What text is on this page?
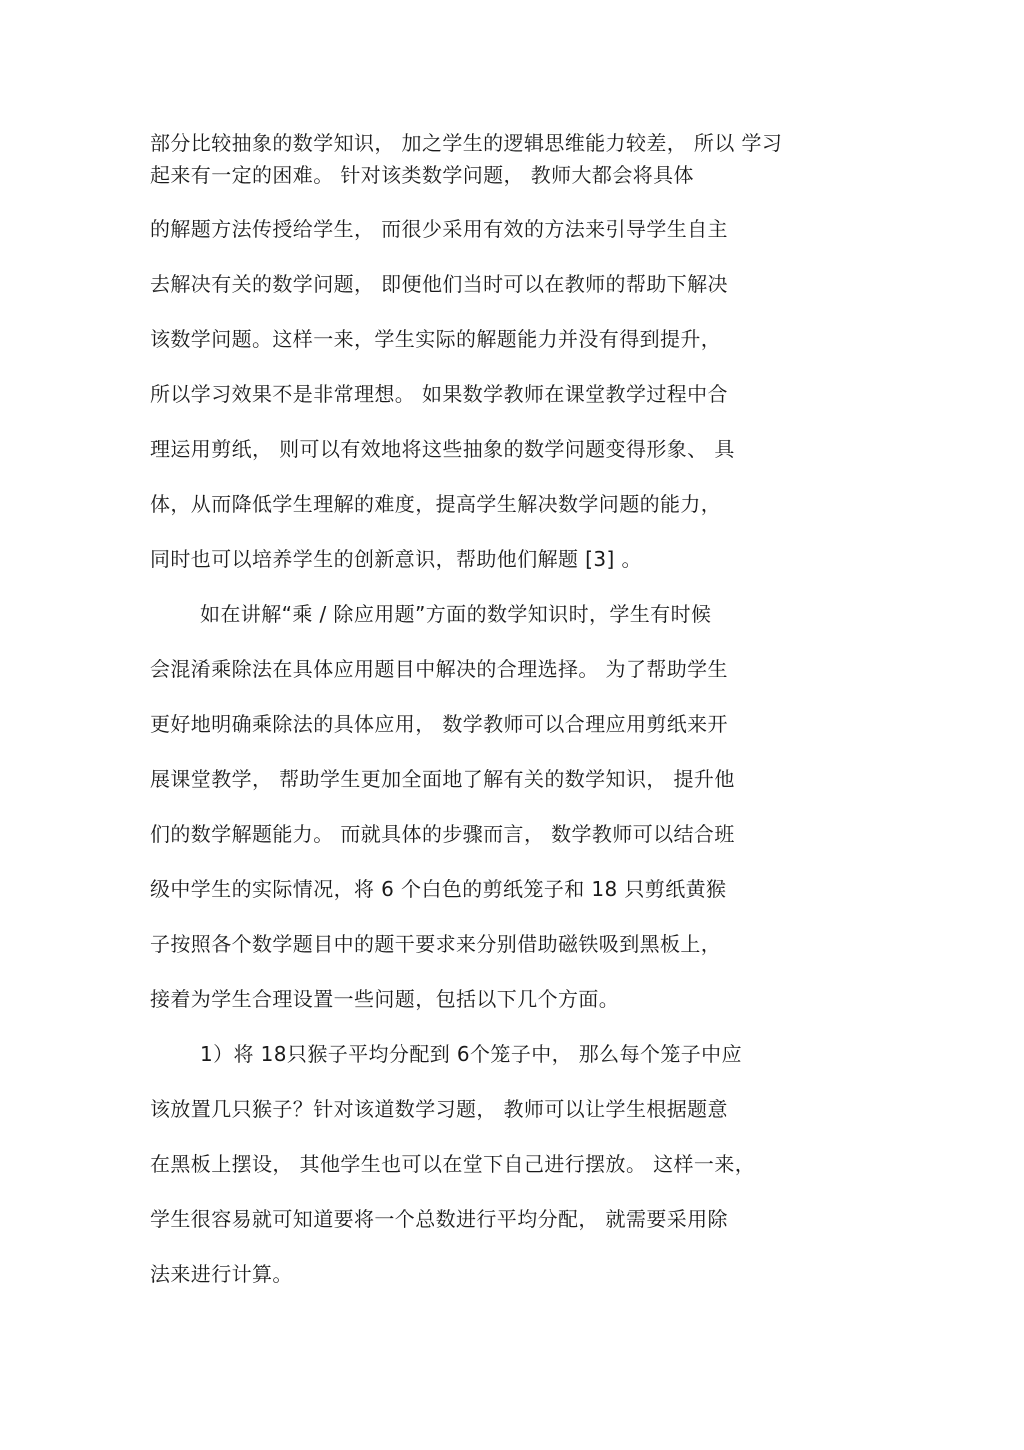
部分比较抽象的数学知识， 加之学生的逻辑思维能力较差， 所以 学习
起来有一定的困难。 针对该类数学问题， 教师大都会将具体
的解题方法传授给学生， 而很少采用有效的方法来引导学生自主
去解决有关的数学问题， 即便他们当时可以在教师的帮助下解决
该数学问题。这样一来，学生实际的解题能力并没有得到提升，
所以学习效果不是非常理想。 如果数学教师在课堂教学过程中合
理运用剪纸， 则可以有效地将这些抽象的数学问题变得形象、 具
体，从而降低学生理解的难度，提高学生解决数学问题的能力，
同时也可以培养学生的创新意识，帮助他们解题 [3] 。
如在讲解“乘 / 除应用题”方面的数学知识时，学生有时候
会混淆乘除法在具体应用题目中解决的合理选择。 为了帮助学生
更好地明确乘除法的具体应用， 数学教师可以合理应用剪纸来开
展课堂教学， 帮助学生更加全面地了解有关的数学知识， 提升他
们的数学解题能力。 而就具体的步骤而言， 数学教师可以结合班
级中学生的实际情况，将 6 个白色的剪纸笼子和 18 只剪纸黄猴
子按照各个数学题目中的题干要求来分别借助磁铁吸到黑板上，
接着为学生合理设置一些问题，包括以下几个方面。
1）将 18只猴子平均分配到 6个笼子中， 那么每个笼子中应
该放置几只猴子？针对该道数学习题， 教师可以让学生根据题意
在黑板上摆设， 其他学生也可以在堂下自己进行摆放。 这样一来，
学生很容易就可知道要将一个总数进行平均分配， 就需要采用除
法来进行计算。
